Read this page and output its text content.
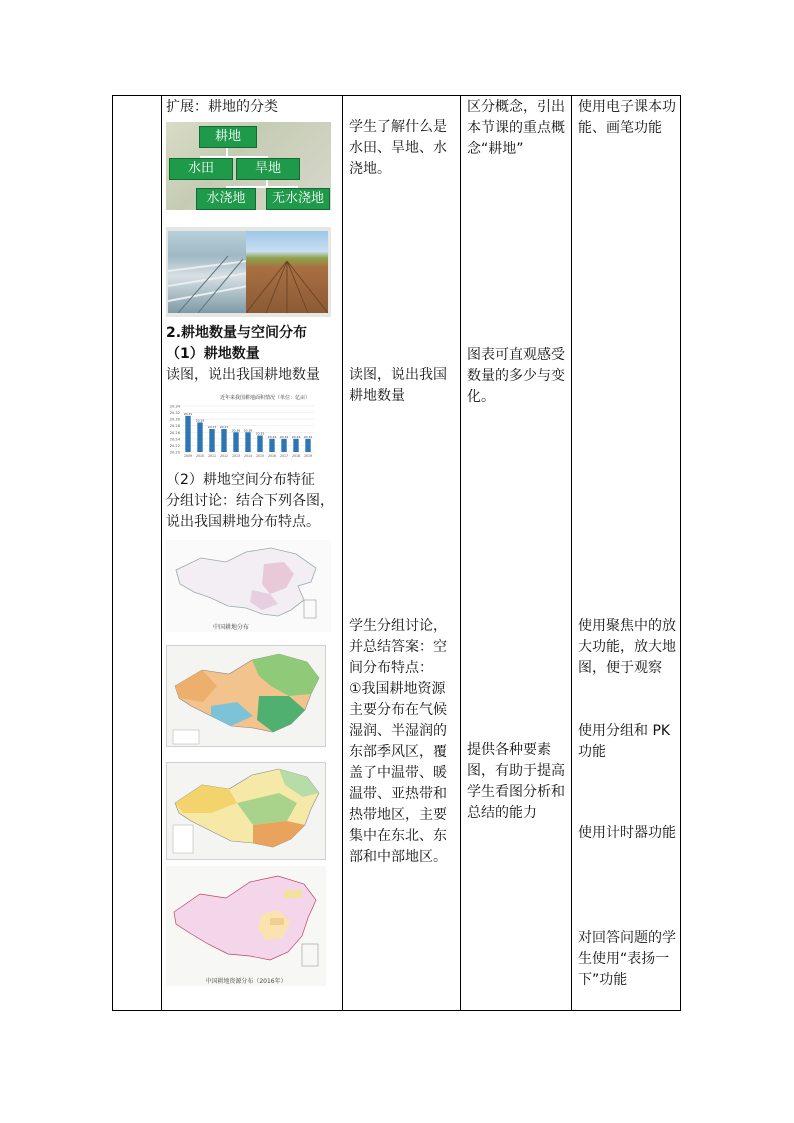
扩展：耕地的分类
耕地
水田	旱地
水浇地	无水浇地
2.耕地数量与空间分布
（1）耕地数量
读图，说出我国耕地数量
近年来我国耕地面积情况（单位：亿亩）
20.34
20.32
20.30
20.28
20.26
20.24
20.22
20.20
20.31
2009
20.29
2010
20.27
2011
20.27
2012
20.26
2013
20.26
2014
20.25
2015
20.24
2016
20.24
2017
20.24
2018
20.24
2019
（2）耕地空间分布特征
分组讨论：结合下列各图，说出我国耕地分布特点。
中国耕地分布
中国耕地资源分布（2016年）
学生了解什么是水田、旱地、水浇地。
读图，说出我国耕地数量
学生分组讨论，并总结答案：空间分布特点：
①我国耕地资源主要分布在气候湿润、半湿润的东部季风区，覆盖了中温带、暖温带、亚热带和热带地区，主要集中在东北、东部和中部地区。
区分概念，引出本节课的重点概念“耕地”
图表可直观感受数量的多少与变化。
提供各种要素图，有助于提高学生看图分析和总结的能力
使用电子课本功能、画笔功能
使用聚焦中的放大功能，放大地图，便于观察
使用分组和 PK 功能
使用计时器功能
对回答问题的学生使用“表扬一下”功能
